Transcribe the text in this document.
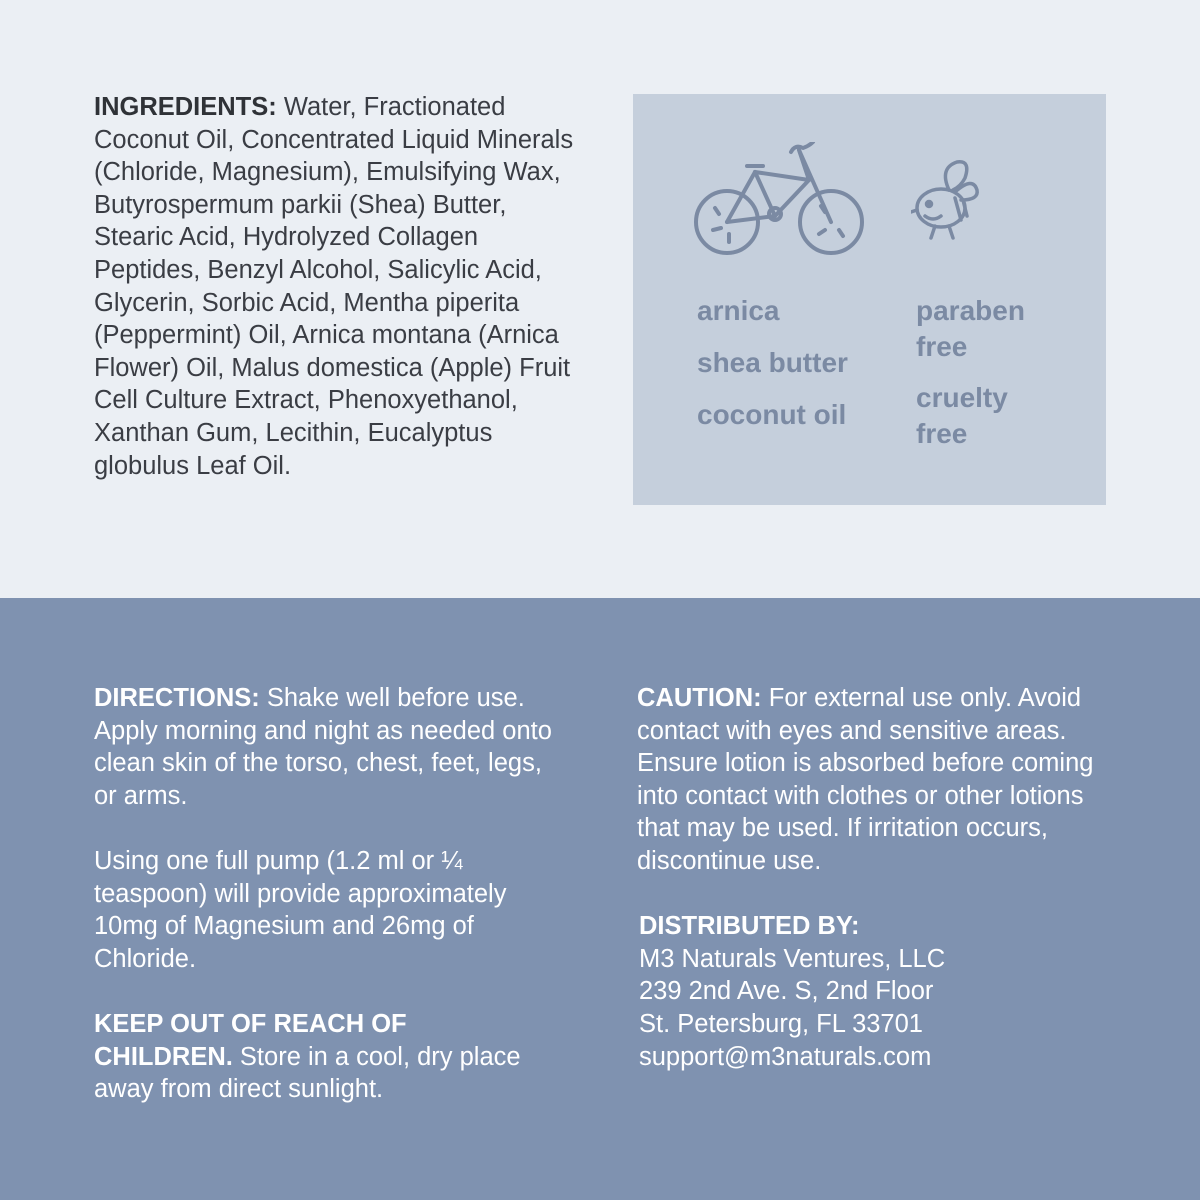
INGREDIENTS: Water, Fractionated Coconut Oil, Concentrated Liquid Minerals (Chloride, Magnesium), Emulsifying Wax, Butyrospermum parkii (Shea) Butter, Stearic Acid, Hydrolyzed Collagen Peptides, Benzyl Alcohol, Salicylic Acid, Glycerin, Sorbic Acid, Mentha piperita (Peppermint) Oil, Arnica montana (Arnica Flower) Oil, Malus domestica (Apple) Fruit Cell Culture Extract, Phenoxyethanol, Xanthan Gum, Lecithin, Eucalyptus globulus Leaf Oil.

arnica

shea butter

coconut oil

paraben free

cruelty free

DIRECTIONS: Shake well before use. Apply morning and night as needed onto clean skin of the torso, chest, feet, legs, or arms.

Using one full pump (1.2 ml or ¼ teaspoon) will provide approximately 10mg of Magnesium and 26mg of Chloride.

KEEP OUT OF REACH OF CHILDREN. Store in a cool, dry place away from direct sunlight.

CAUTION: For external use only. Avoid contact with eyes and sensitive areas. Ensure lotion is absorbed before coming into contact with clothes or other lotions that may be used. If irritation occurs, discontinue use.

DISTRIBUTED BY:

M3 Naturals Ventures, LLC

239 2nd Ave. S, 2nd Floor

St. Petersburg, FL 33701

support@m3naturals.com
